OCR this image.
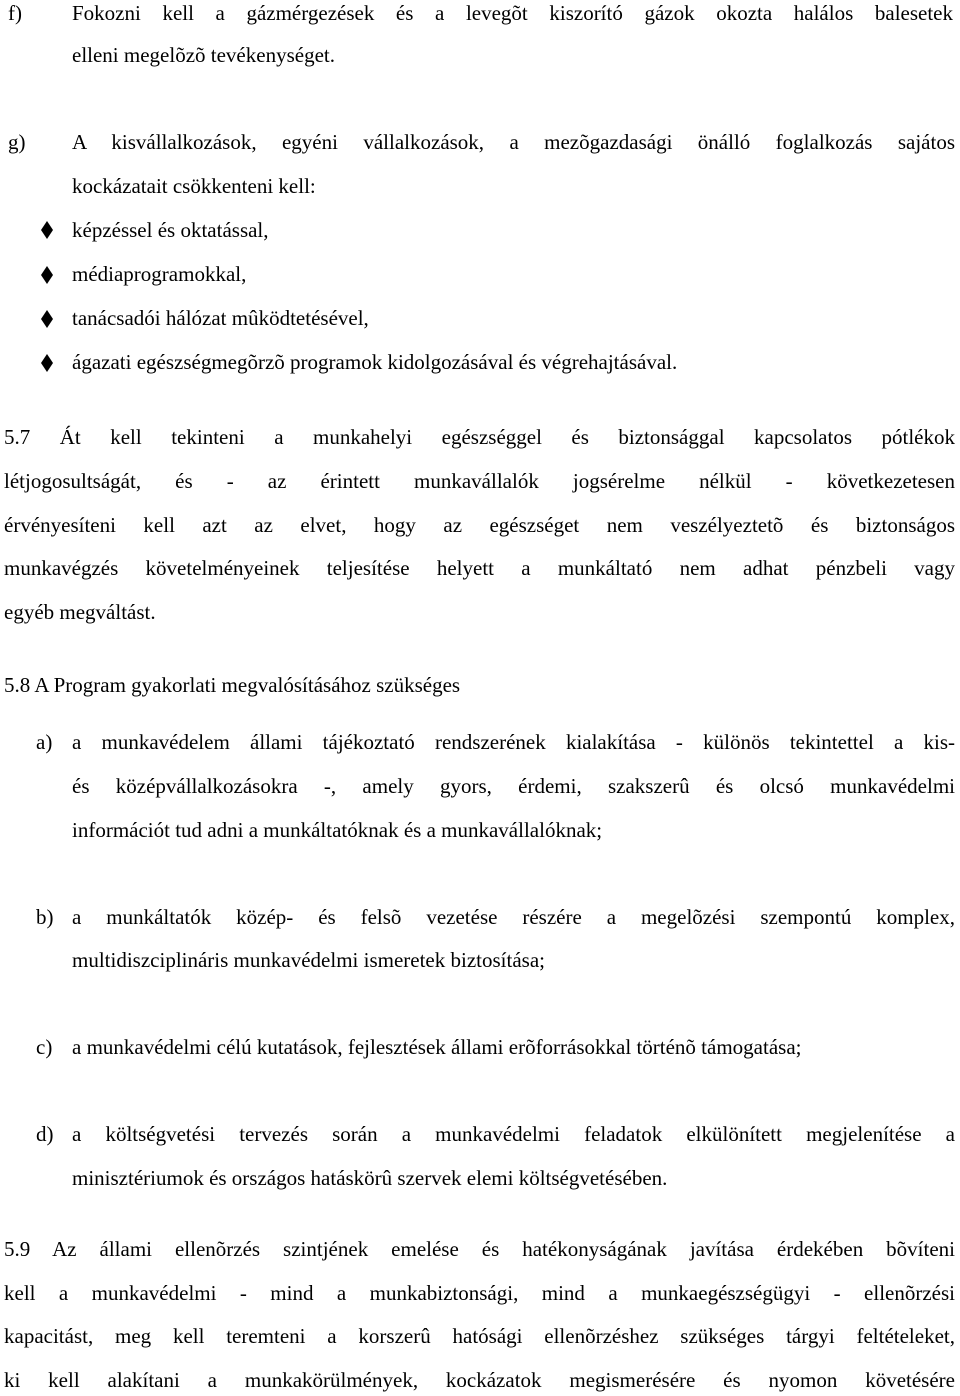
f) Fokozni kell a gázmérgezések és a levegõt kiszorító gázok okozta halálos balesetek
elleni megelõzõ tevékenységet.
g) A kisvállalkozások, egyéni vállalkozások, a mezõgazdasági önálló foglalkozás sajátos
kockázatait csökkenteni kell:
képzéssel és oktatással,
médiaprogramokkal,
tanácsadói hálózat mûködtetésével,
ágazati egészségmegõrzõ programok kidolgozásával és végrehajtásával.
5.7 Át kell tekinteni a munkahelyi egészséggel és biztonsággal kapcsolatos pótlékok
létjogosultságát, és - az érintett munkavállalók jogsérelme nélkül - következetesen
érvényesíteni kell azt az elvet, hogy az egészséget nem veszélyeztetõ és biztonságos
munkavégzés követelményeinek teljesítése helyett a munkáltató nem adhat pénzbeli vagy
egyéb megváltást.
5.8 A Program gyakorlati megvalósításához szükséges
a) a munkavédelem állami tájékoztató rendszerének kialakítása - különös tekintettel a kis-
és középvállalkozásokra -, amely gyors, érdemi, szakszerû és olcsó munkavédelmi
információt tud adni a munkáltatóknak és a munkavállalóknak;
b) a munkáltatók közép- és felsõ vezetése részére a megelõzési szempontú komplex,
multidiszciplináris munkavédelmi ismeretek biztosítása;
c) a munkavédelmi célú kutatások, fejlesztések állami erõforrásokkal történõ támogatása;
d) a költségvetési tervezés során a munkavédelmi feladatok elkülönített megjelenítése a
minisztériumok és országos hatáskörû szervek elemi költségvetésében.
5.9 Az állami ellenõrzés szintjének emelése és hatékonyságának javítása érdekében bõvíteni
kell a munkavédelmi - mind a munkabiztonsági, mind a munkaegészségügyi - ellenõrzési
kapacitást, meg kell teremteni a korszerû hatósági ellenõrzéshez szükséges tárgyi feltételeket,
ki kell alakítani a munkakörülmények, kockázatok megismerésére és nyomon követésére
